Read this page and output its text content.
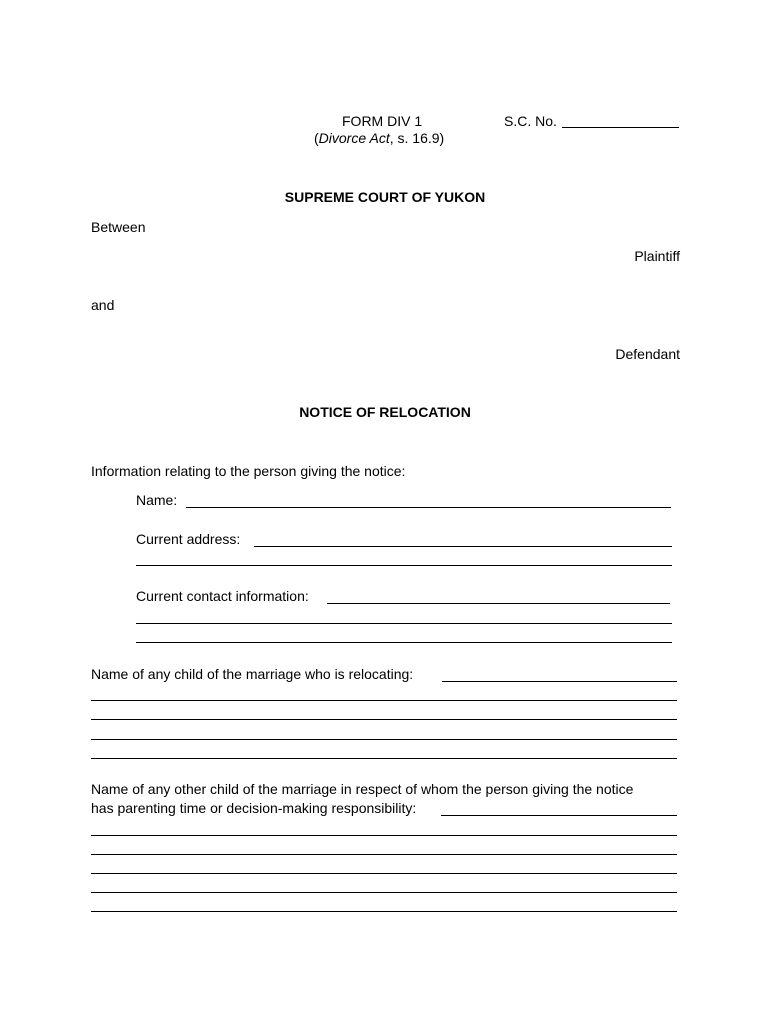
FORM DIV 1	S.C. No.
(Divorce Act, s. 16.9)
SUPREME COURT OF YUKON
Between
Plaintiff
and
Defendant
NOTICE OF RELOCATION
Information relating to the person giving the notice:
Name:
Current address:
Current contact information:
Name of any child of the marriage who is relocating:
Name of any other child of the marriage in respect of whom the person giving the notice
has parenting time or decision-making responsibility:
